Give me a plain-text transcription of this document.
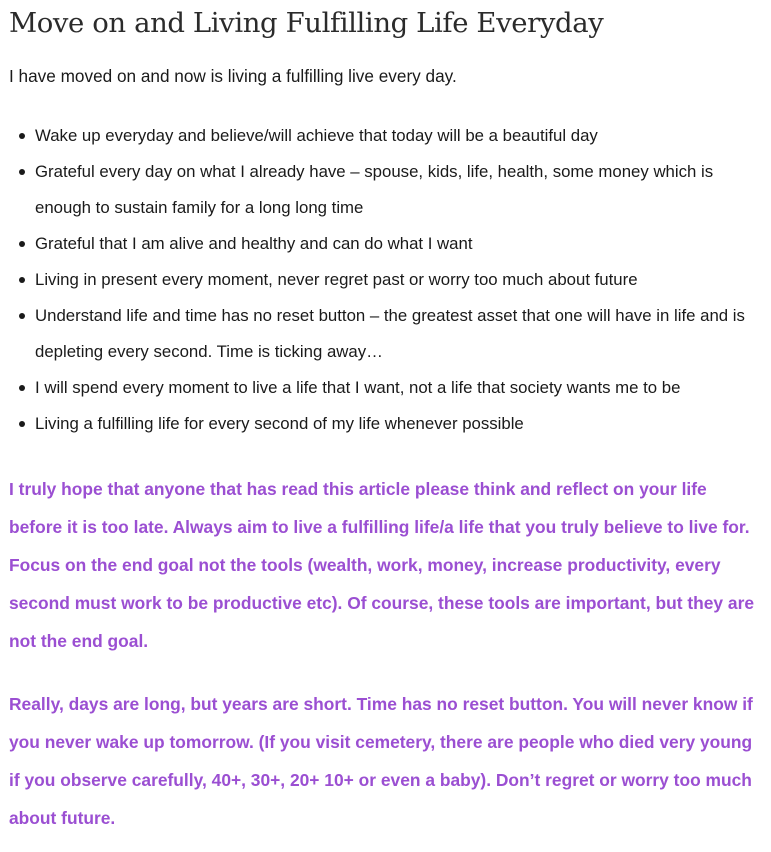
Move on and Living Fulfilling Life Everyday

I have moved on and now is living a fulfilling live every day.

Wake up everyday and believe/will achieve that today will be a beautiful day
Grateful every day on what I already have – spouse, kids, life, health, some money which is enough to sustain family for a long long time
Grateful that I am alive and healthy and can do what I want
Living in present every moment, never regret past or worry too much about future
Understand life and time has no reset button – the greatest asset that one will have in life and is depleting every second. Time is ticking away…
I will spend every moment to live a life that I want, not a life that society wants me to be
Living a fulfilling life for every second of my life whenever possible

I truly hope that anyone that has read this article please think and reflect on your life before it is too late. Always aim to live a fulfilling life/a life that you truly believe to live for. Focus on the end goal not the tools (wealth, work, money, increase productivity, every second must work to be productive etc). Of course, these tools are important, but they are not the end goal.

Really, days are long, but years are short. Time has no reset button. You will never know if you never wake up tomorrow. (If you visit cemetery, there are people who died very young if you observe carefully, 40+, 30+, 20+ 10+ or even a baby). Don’t regret or worry too much about future.
